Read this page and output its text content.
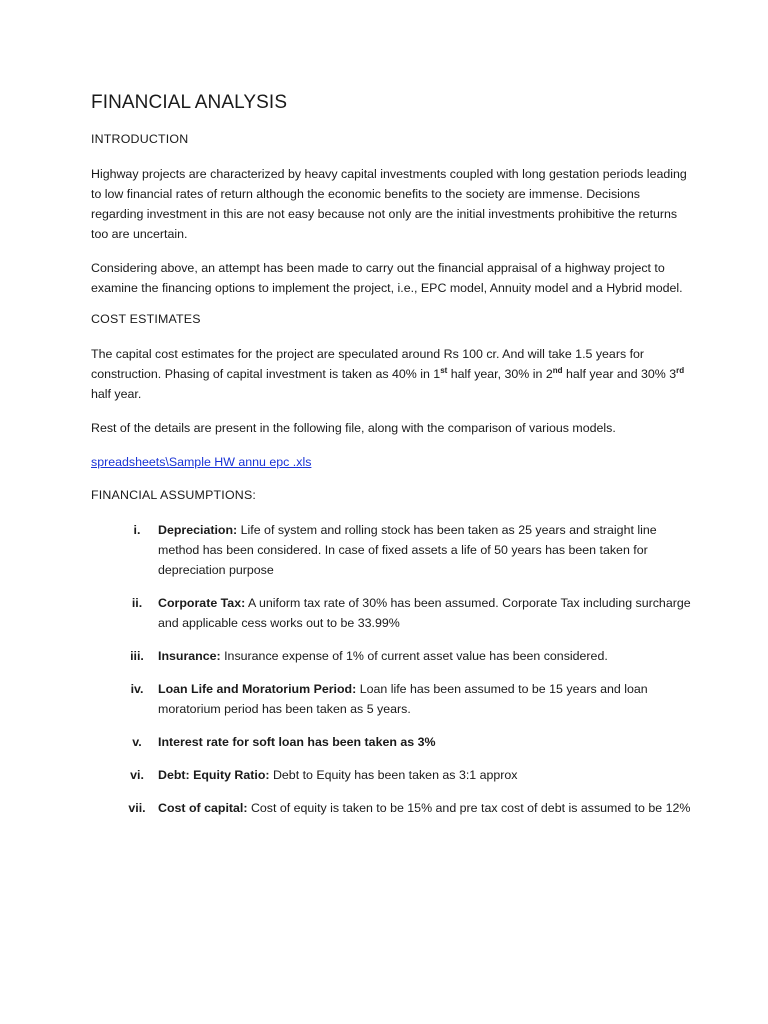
FINANCIAL ANALYSIS
INTRODUCTION

Highway projects are characterized by heavy capital investments coupled with long gestation periods leading to low financial rates of return although the economic benefits to the society are immense. Decisions regarding investment in this are not easy because not only are the initial investments prohibitive the returns too are uncertain.

Considering above, an attempt has been made to carry out the financial appraisal of a highway project to examine the financing options to implement the project, i.e., EPC model, Annuity model and a Hybrid model.

COST ESTIMATES

The capital cost estimates for the project are speculated around Rs 100 cr. And will take 1.5 years for construction. Phasing of capital investment is taken as 40% in 1st half year, 30% in 2nd half year and 30% 3rd half year.

Rest of the details are present in the following file, along with the comparison of various models.

spreadsheets\Sample HW annu epc .xls
FINANCIAL ASSUMPTIONS:
i.	Depreciation: Life of system and rolling stock has been taken as 25 years and straight line method has been considered. In case of fixed assets a life of 50 years has been taken for depreciation purpose
ii.	Corporate Tax: A uniform tax rate of 30% has been assumed. Corporate Tax including surcharge and applicable cess works out to be 33.99%
iii.	Insurance: Insurance expense of 1% of current asset value has been considered.
iv.	Loan Life and Moratorium Period: Loan life has been assumed to be 15 years and loan moratorium period has been taken as 5 years.
v.	Interest rate for soft loan has been taken as 3%
vi.	Debt: Equity Ratio: Debt to Equity has been taken as 3:1 approx
vii. Cost of capital: Cost of equity is taken to be 15% and pre tax cost of debt is assumed to be 12%
